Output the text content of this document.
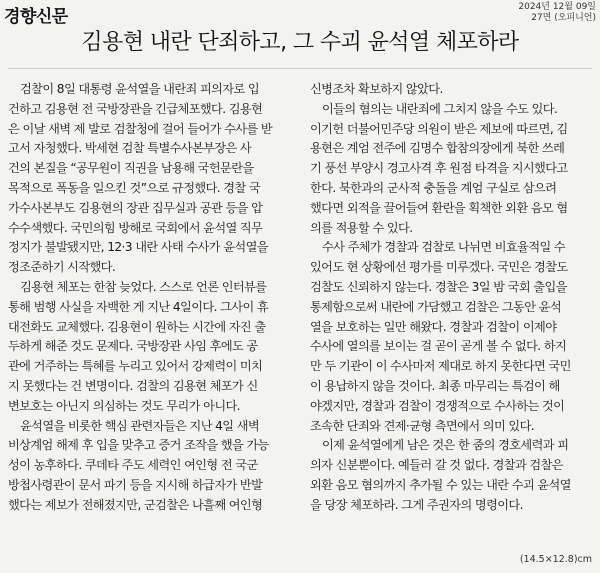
경향신문	2024년 12월 09일
27면 (오피니언)
김용현 내란 단죄하고, 그 수괴 윤석열 체포하라
검찰이 8일 대통령 윤석열을 내란죄 피의자로 입
건하고 김용현 전 국방장관을 긴급체포했다. 김용현
은 이날 새벽 제 발로 검찰청에 걸어 들어가 수사를 받
고서 자청했다. 박세현 검찰 특별수사본부장은 사
건의 본질을 “공무원이 직권을 남용해 국헌문란을
목적으로 폭동을 일으킨 것”으로 규정했다. 경찰 국
가수사본부도 김용현의 장관 집무실과 공관 등을 압
수수색했다. 국민의힘 방해로 국회에서 윤석열 직무
정지가 불발됐지만, 12·3 내란 사태 수사가 윤석열을
정조준하기 시작했다.
김용현 체포는 한참 늦었다. 스스로 언론 인터뷰를
통해 범행 사실을 자백한 게 지난 4일이다. 그사이 휴
대전화도 교체했다. 김용현이 원하는 시간에 자진 출
두하게 해준 것도 문제다. 국방장관 사임 후에도 공
관에 거주하는 특혜를 누리고 있어서 강제력이 미치
지 못했다는 건 변명이다. 검찰의 김용현 체포가 신
변보호는 아닌지 의심하는 것도 무리가 아니다.
윤석열을 비롯한 핵심 관련자들은 지난 4일 새벽
비상계엄 해제 후 입을 맞추고 증거 조작을 했을 가능
성이 농후하다. 쿠데타 주도 세력인 여인형 전 국군
방첩사령관이 문서 파기 등을 지시해 하급자가 반발
했다는 제보가 전해졌지만, 군검찰은 나흘째 여인형
신병조차 확보하지 않았다.
이들의 혐의는 내란죄에 그치지 않을 수도 있다.
이기헌 더불어민주당 의원이 받은 제보에 따르면, 김
용현은 계엄 전주에 김명수 합참의장에게 북한 쓰레
기 풍선 부양시 경고사격 후 원점 타격을 지시했다고
한다. 북한과의 군사적 충돌을 계엄 구실로 삼으려
했다면 외적을 끌어들여 환란을 획책한 외환 음모 혐
의를 적용할 수 있다.
수사 주체가 경찰과 검찰로 나뉘면 비효율적일 수
있어도 현 상황에선 평가를 미루겠다. 국민은 경찰도
검찰도 신뢰하지 않는다. 경찰은 3일 밤 국회 출입을
통제함으로써 내란에 가담했고 검찰은 그동안 윤석
열을 보호하는 일만 해왔다. 경찰과 검찰이 이제야
수사에 열의를 보이는 걸 곧이 곧게 볼 수 없다. 하지
만 두 기관이 이 수사마저 제대로 하지 못한다면 국민
이 용납하지 않을 것이다. 최종 마무리는 특검이 해
야겠지만, 경찰과 검찰이 경쟁적으로 수사하는 것이
조속한 단죄와 견제·균형 측면에서 의미 있다.
이제 윤석열에게 남은 것은 한 줌의 경호세력과 피
의자 신분뿐이다. 예들러 갈 것 없다. 경찰과 검찰은
외환 음모 혐의까지 추가될 수 있는 내란 수괴 윤석열
을 당장 체포하라. 그게 주권자의 명령이다.
(14.5×12.8)cm
